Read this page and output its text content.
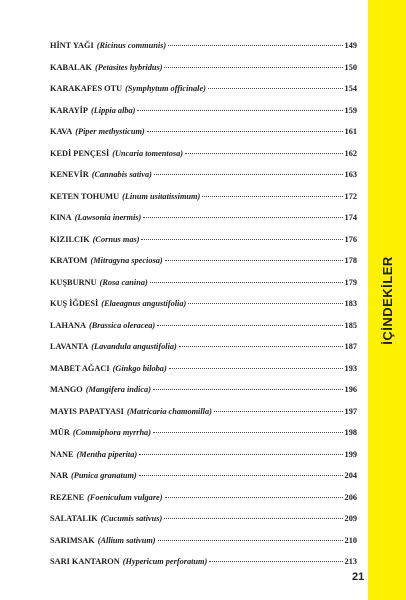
HİNT YAĞI (Ricinus communis)	149
KABALAK (Petasites hybridus)	150
KARAKAFES OTU (Symphytum officinale)	154
KARAYİP (Lippia alba)	159
KAVA (Piper methysticum)	161
KEDİ PENÇESİ (Uncaria tomentosa)	162
KENEVİR (Cannabis sativa)	163
KETEN TOHUMU (Linum usitatissimum)	172
KINA (Lawsonia inermis)	174
KIZILCIK (Cornus mas)	176
KRATOM (Mitragyna speciosa)	178
KUŞBURNU (Rosa canina)	179
KUŞ İĞDESİ (Elaeagnus angustifolia)	183
LAHANA (Brassica oleracea)	185
LAVANTA (Lavandula angustifolia)	187
MABET AĞACI (Ginkgo biloba)	193
MANGO (Mangifera indica)	196
MAYIS PAPATYASI (Matricaria chamomilla)	197
MÜR (Commiphora myrrha)	198
NANE (Mentha piperita)	199
NAR (Punica granatum)	204
REZENE (Foeniculum vulgare)	206
SALATALIK (Cucumis sativus)	209
SARIMSAK (Allium sativum)	210
SARI KANTARON (Hypericum perforatum)	213
İÇİNDEKİLER
21
